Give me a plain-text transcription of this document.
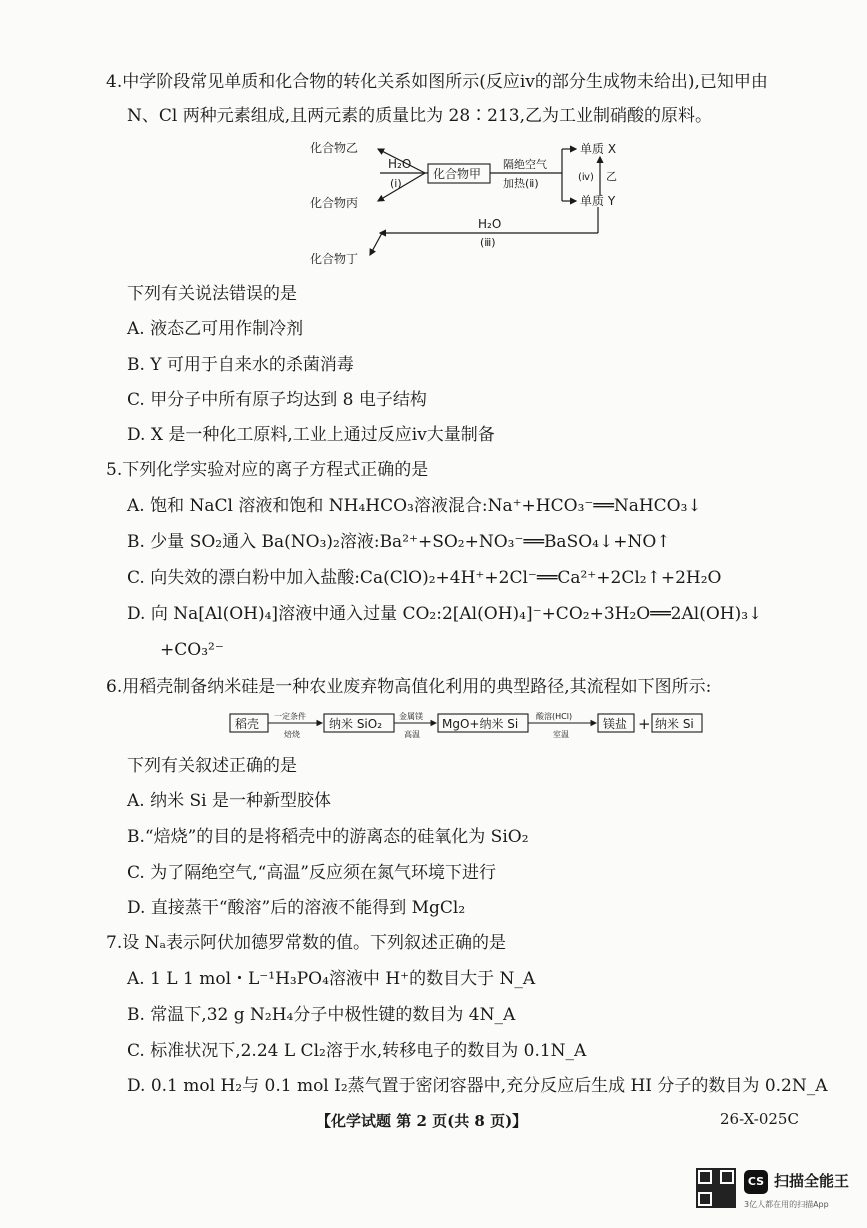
4.中学阶段常见单质和化合物的转化关系如图所示(反应ⅳ的部分生成物未给出),已知甲由
N、Cl 两种元素组成,且两元素的质量比为 28∶213,乙为工业制硝酸的原料。
化合物乙
化合物丙
化合物丁
H₂O
(ⅰ)
化合物甲
隔绝空气
加热(ⅱ)
单质 X
单质 Y
(ⅳ) 乙
H₂O
(ⅲ)
下列有关说法错误的是
A. 液态乙可用作制冷剂
B. Y 可用于自来水的杀菌消毒
C. 甲分子中所有原子均达到 8 电子结构
D. X 是一种化工原料,工业上通过反应ⅳ大量制备
5.下列化学实验对应的离子方程式正确的是
A. 饱和 NaCl 溶液和饱和 NH₄HCO₃溶液混合:Na⁺+HCO₃⁻══NaHCO₃↓
B. 少量 SO₂通入 Ba(NO₃)₂溶液:Ba²⁺+SO₂+NO₃⁻══BaSO₄↓+NO↑
C. 向失效的漂白粉中加入盐酸:Ca(ClO)₂+4H⁺+2Cl⁻══Ca²⁺+2Cl₂↑+2H₂O
D. 向 Na[Al(OH)₄]溶液中通入过量 CO₂:2[Al(OH)₄]⁻+CO₂+3H₂O══2Al(OH)₃↓
+CO₃²⁻
6.用稻壳制备纳米硅是一种农业废弃物高值化利用的典型路径,其流程如下图所示:
稻壳
一定条件
焙烧
纳米 SiO₂
金属镁
高温
MgO+纳米 Si
酸溶(HCl)
室温
镁盐 + 纳米 Si
下列有关叙述正确的是
A. 纳米 Si 是一种新型胶体
B.“焙烧”的目的是将稻壳中的游离态的硅氧化为 SiO₂
C. 为了隔绝空气,“高温”反应须在氮气环境下进行
D. 直接蒸干“酸溶”后的溶液不能得到 MgCl₂
7.设 Nₐ表示阿伏加德罗常数的值。下列叙述正确的是
A. 1 L 1 mol・L⁻¹H₃PO₄溶液中 H⁺的数目大于 N_A
B. 常温下,32 g N₂H₄分子中极性键的数目为 4N_A
C. 标准状况下,2.24 L Cl₂溶于水,转移电子的数目为 0.1N_A
D. 0.1 mol H₂与 0.1 mol I₂蒸气置于密闭容器中,充分反应后生成 HI 分子的数目为 0.2N_A
【化学试题 第 2 页(共 8 页)】	26-X-025C
CS 扫描全能王
3亿人都在用的扫描App
